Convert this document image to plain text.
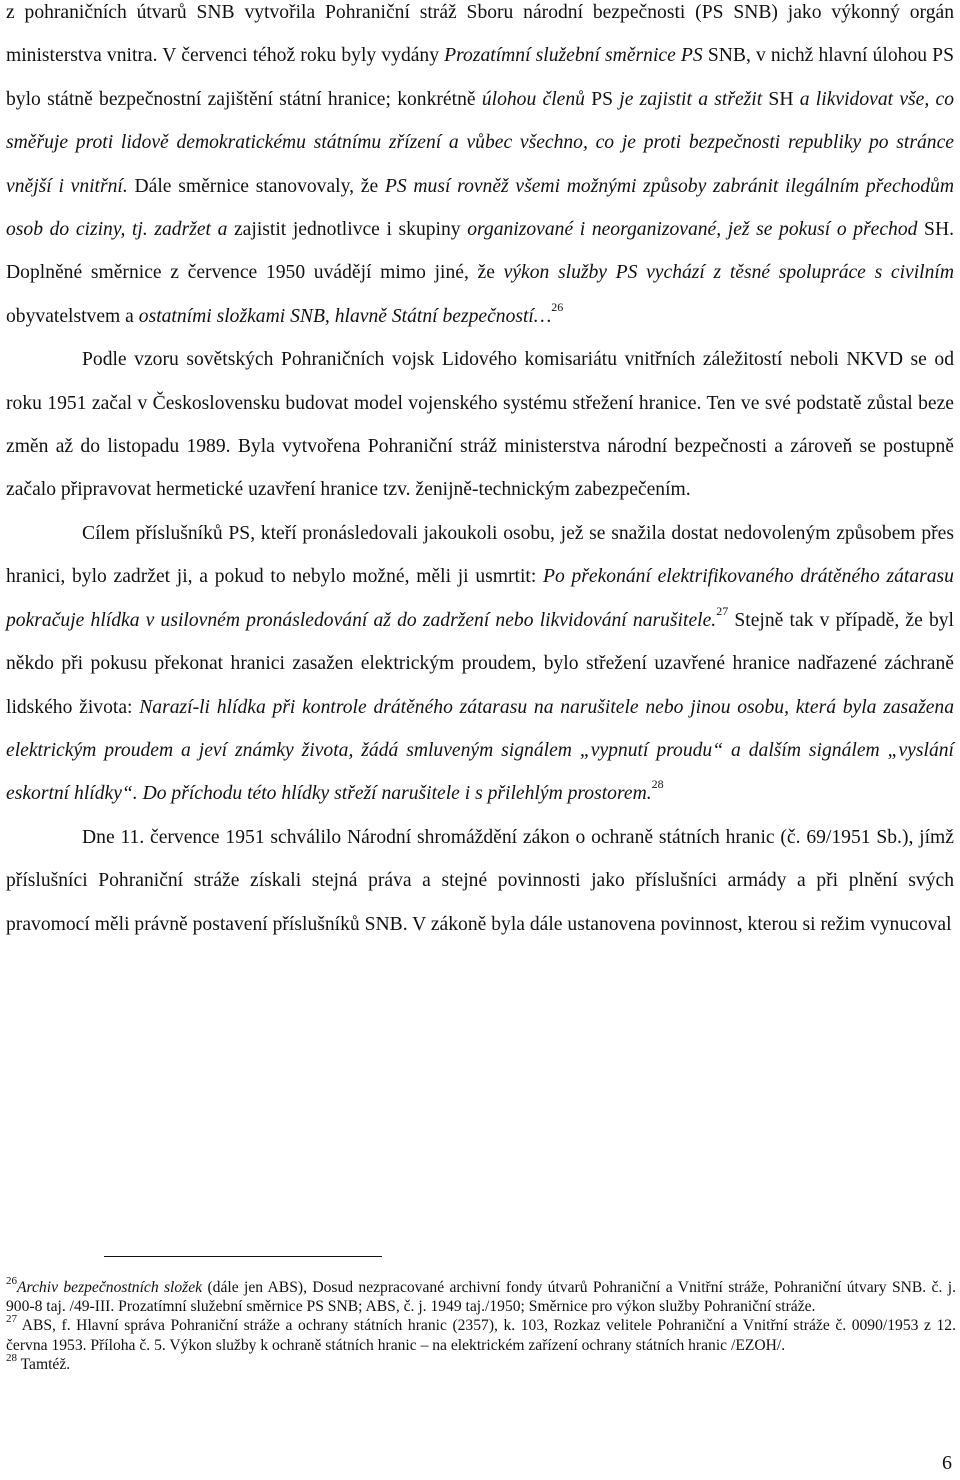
z pohraničních útvarů SNB vytvořila Pohraniční stráž Sboru národní bezpečnosti (PS SNB) jako výkonný orgán ministerstva vnitra. V červenci téhož roku byly vydány Prozatímní služební směrnice PS SNB, v nichž hlavní úlohou PS bylo státně bezpečnostní zajištění státní hranice; konkrétně úlohou členů PS je zajistit a střežit SH a likvidovat vše, co směřuje proti lidově demokratickému státnímu zřízení a vůbec všechno, co je proti bezpečnosti republiky po stránce vnější i vnitřní. Dále směrnice stanovovaly, že PS musí rovněž všemi možnými způsoby zabránit ilegálním přechodům osob do ciziny, tj. zadržet a zajistit jednotlivce i skupiny organizované i neorganizované, jež se pokusí o přechod SH. Doplněné směrnice z července 1950 uvádějí mimo jiné, že výkon služby PS vychází z těsné spolupráce s civilním obyvatelstvem a ostatními složkami SNB, hlavně Státní bezpečností…$^{26}$

Podle vzoru sovětských Pohraničních vojsk Lidového komisariátu vnitřních záležitostí neboli NKVD se od roku 1951 začal v Československu budovat model vojenského systému střežení hranice. Ten ve své podstatě zůstal beze změn až do listopadu 1989. Byla vytvořena Pohraniční stráž ministerstva národní bezpečnosti a zároveň se postupně začalo připravovat hermetické uzavření hranice tzv. ženijně-technickým zabezpečením.

Cílem příslušníků PS, kteří pronásledovali jakoukoli osobu, jež se snažila dostat nedovoleným způsobem přes hranici, bylo zadržet ji, a pokud to nebylo možné, měli ji usmrtit: Po překonání elektrifikovaného drátěného zátarasu pokračuje hlídka v usilovném pronásledování až do zadržení nebo likvidování narušitele.$^{27}$ Stejně tak v případě, že byl někdo při pokusu překonat hranici zasažen elektrickým proudem, bylo střežení uzavřené hranice nadřazené záchraně lidského života: Narazí-li hlídka při kontrole drátěného zátarasu na narušitele nebo jinou osobu, která byla zasažena elektrickým proudem a jeví známky života, žádá smluveným signálem „vypnutí proudu“ a dalším signálem „vyslání eskortní hlídky“. Do příchodu této hlídky střeží narušitele i s přilehlým prostorem.$^{28}$

Dne 11. července 1951 schválilo Národní shromáždění zákon o ochraně státních hranic (č. 69/1951 Sb.), jímž příslušníci Pohraniční stráže získali stejná práva a stejné povinnosti jako příslušníci armády a při plnění svých pravomocí měli právně postavení příslušníků SNB. V zákoně byla dále ustanovena povinnost, kterou si režim vynucoval

$^{26}$Archiv bezpečnostních složek (dále jen ABS), Dosud nezpracované archivní fondy útvarů Pohraniční a Vnitřní stráže, Pohraniční útvary SNB. č. j. 900-8 taj. /49-III. Prozatímní služební směrnice PS SNB; ABS, č. j. 1949 taj./1950; Směrnice pro výkon služby Pohraniční stráže.

$^{27}$ ABS, f. Hlavní správa Pohraniční stráže a ochrany státních hranic (2357), k. 103, Rozkaz velitele Pohraniční a Vnitřní stráže č. 0090/1953 z 12. června 1953. Příloha č. 5. Výkon služby k ochraně státních hranic – na elektrickém zařízení ochrany státních hranic /EZOH/.

$^{28}$ Tamtéž.

6
